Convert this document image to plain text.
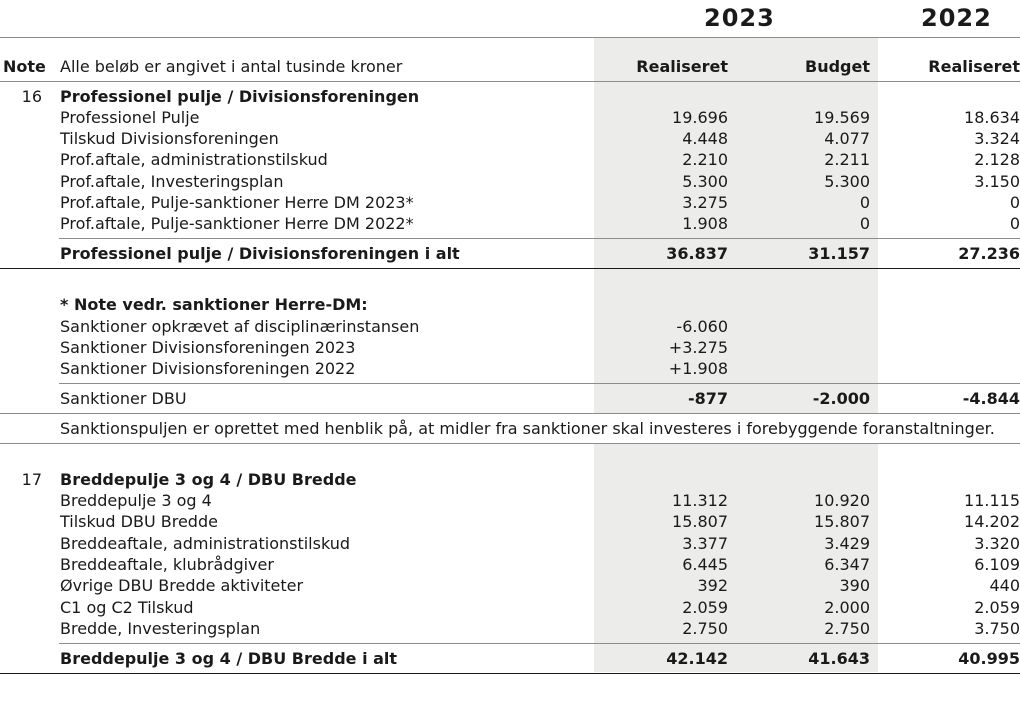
2023	2022
Note Alle beløb er angivet i antal tusinde kroner	Realiseret	Budget	Realiseret
16 Professionel pulje / Divisionsforeningen
Professionel Pulje	19.696	19.569	18.634
Tilskud Divisionsforeningen	4.448	4.077	3.324
Prof.aftale, administrationstilskud	2.210	2.211	2.128
Prof.aftale, Investeringsplan	5.300	5.300	3.150
Prof.aftale, Pulje-sanktioner Herre DM 2023*	3.275	0	0
Prof.aftale, Pulje-sanktioner Herre DM 2022*	1.908	0	0
Professionel pulje / Divisionsforeningen i alt	36.837	31.157	27.236
* Note vedr. sanktioner Herre-DM:
Sanktioner opkrævet af disciplinærinstansen	-6.060
Sanktioner Divisionsforeningen 2023	+3.275
Sanktioner Divisionsforeningen 2022	+1.908
Sanktioner DBU	-877	-2.000	-4.844
Sanktionspuljen er oprettet med henblik på, at midler fra sanktioner skal investeres i forebyggende foranstaltninger.
17 Breddepulje 3 og 4 / DBU Bredde
Breddepulje 3 og 4	11.312	10.920	11.115
Tilskud DBU Bredde	15.807	15.807	14.202
Breddeaftale, administrationstilskud	3.377	3.429	3.320
Breddeaftale, klubrådgiver	6.445	6.347	6.109
Øvrige DBU Bredde aktiviteter	392	390	440
C1 og C2 Tilskud	2.059	2.000	2.059
Bredde, Investeringsplan	2.750	2.750	3.750
Breddepulje 3 og 4 / DBU Bredde i alt	42.142	41.643	40.995
